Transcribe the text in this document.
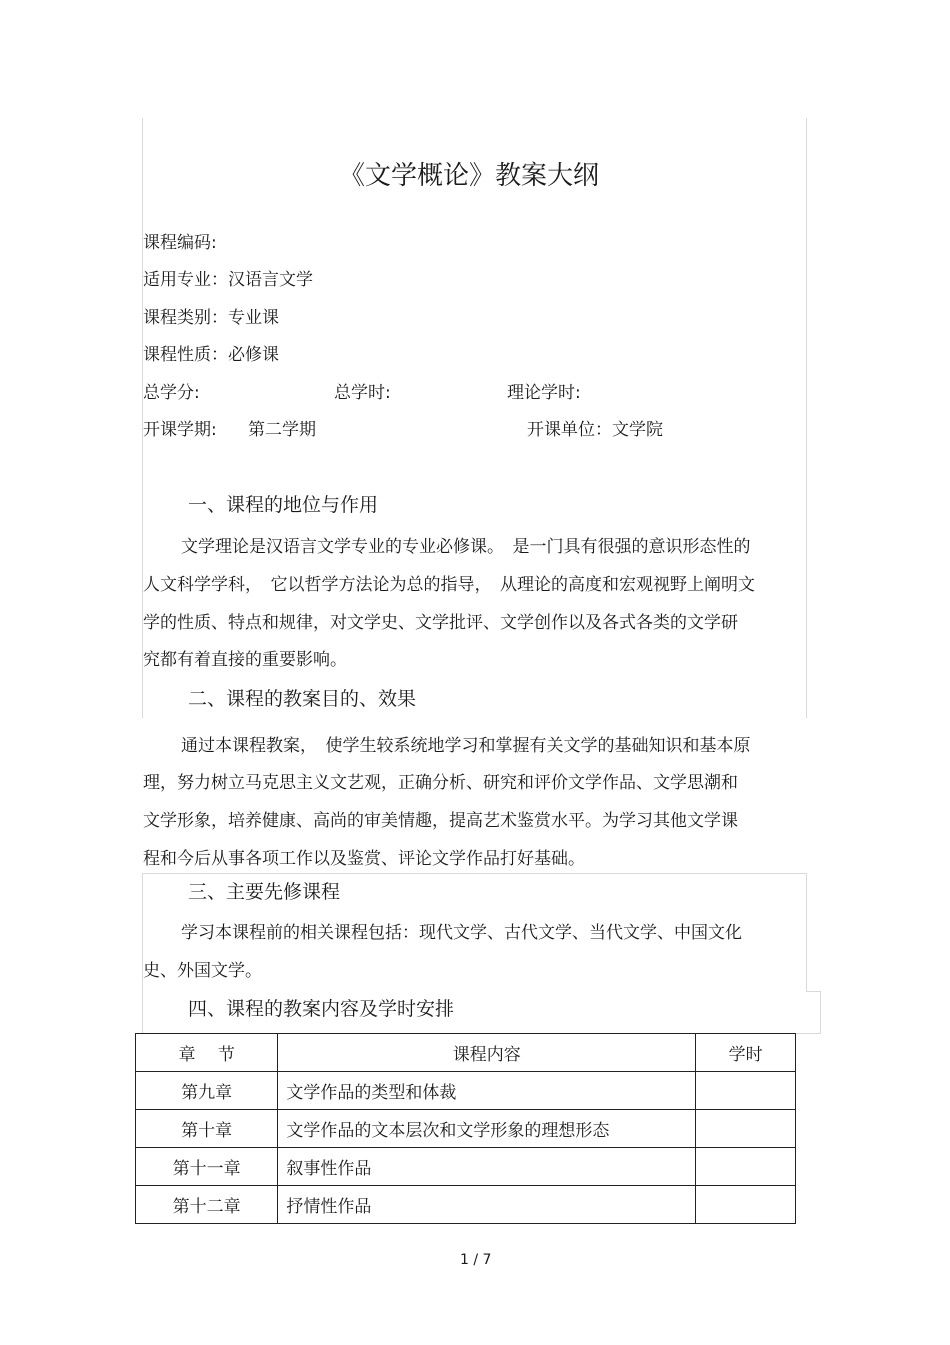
《文学概论》教案大纲
课程编码:
适用专业：汉语言文学
课程类别：专业课
课程性质：必修课
总学分:	总学时:	理论学时:
开课学期: 第二学期	开课单位：文学院
一、课程的地位与作用
文学理论是汉语言文学专业的专业必修课。　是一门具有很强的意识形态性的
人文科学学科，　它以哲学方法论为总的指导，　从理论的高度和宏观视野上阐明文
学的性质、特点和规律，对文学史、文学批评、文学创作以及各式各类的文学研
究都有着直接的重要影响。
二、课程的教案目的、效果
通过本课程教案，　使学生较系统地学习和掌握有关文学的基础知识和基本原
理，努力树立马克思主义文艺观，正确分析、研究和评价文学作品、文学思潮和
文学形象，培养健康、高尚的审美情趣，提高艺术鉴赏水平。为学习其他文学课
程和今后从事各项工作以及鉴赏、评论文学作品打好基础。
三、主要先修课程
学习本课程前的相关课程包括：现代文学、古代文学、当代文学、中国文化
史、外国文学。
四、课程的教案内容及学时安排
章　 节	课程内容	学时
第九章	文学作品的类型和体裁	
第十章	文学作品的文本层次和文学形象的理想形态	
第十一章	叙事性作品	
第十二章	抒情性作品	
1 / 7
